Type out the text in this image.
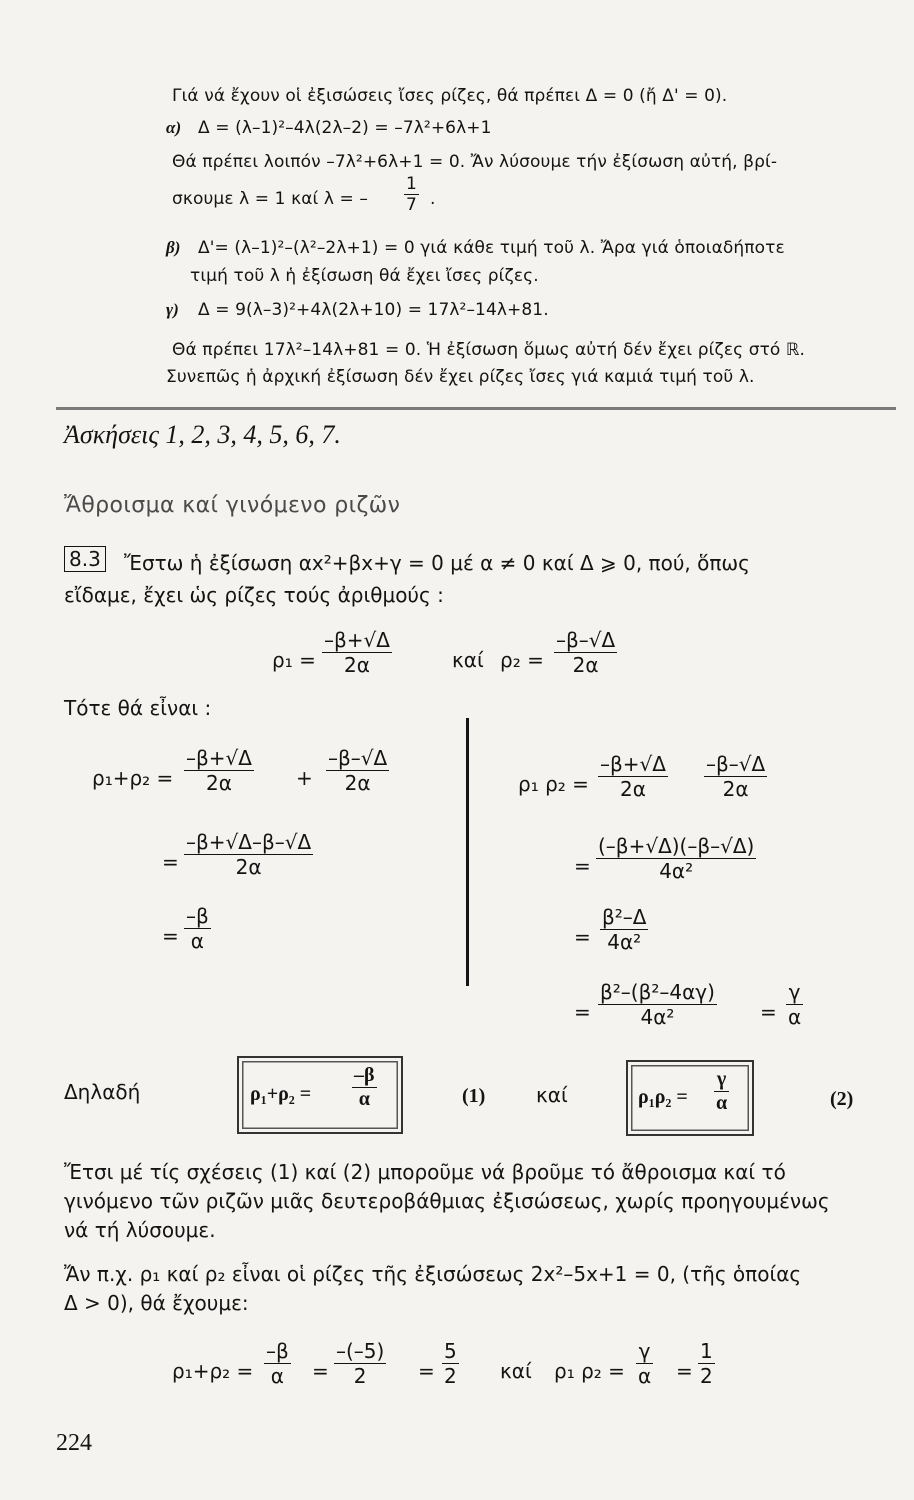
Γιά νά ἔχουν οἱ ἐξισώσεις ἴσες ρίζες, θά πρέπει Δ = 0 (ἤ Δ' = 0).
α) Δ = (λ–1)²–4λ(2λ–2) = –7λ²+6λ+1
Θά πρέπει λοιπόν –7λ²+6λ+1 = 0. Ἄν λύσουμε τήν ἐξίσωση αὐτή, βρί-
σκουμε λ = 1 καί λ = – $\frac{1}{7}$ .
β) Δ'= (λ–1)²–(λ²–2λ+1) = 0 γιά κάθε τιμή τοῦ λ. Ἄρα γιά ὁποιαδήποτε
τιμή τοῦ λ ἡ ἐξίσωση θά ἔχει ἴσες ρίζες.
γ) Δ = 9(λ–3)²+4λ(2λ+10) = 17λ²–14λ+81.
Θά πρέπει 17λ²–14λ+81 = 0. Ἡ ἐξίσωση ὅμως αὐτή δέν ἔχει ρίζες στό ℝ.
Συνεπῶς ἡ ἀρχική ἐξίσωση δέν ἔχει ρίζες ἴσες γιά καμιά τιμή τοῦ λ.
Ἀσκήσεις 1, 2, 3, 4, 5, 6, 7.
Ἄθροισμα καί γινόμενο ριζῶν
8.3 Ἔστω ἡ ἐξίσωση αx²+βx+γ = 0 μέ α ≠ 0 καί Δ ⩾ 0, πού, ὅπως
εἴδαμε, ἔχει ὡς ρίζες τούς ἀριθμούς :
$\rho_1 = \frac{-\beta+√\Delta}{2\alpha}$	καί $\rho_2 = \frac{-\beta-√\Delta}{2\alpha}$
Τότε θά εἶναι :
$\rho_1+\rho_2 = \frac{-\beta+√\Delta}{2\alpha} + \frac{-\beta-√\Delta}{2\alpha}$
= $\frac{-\beta+√\Delta-\beta-√\Delta}{2\alpha}$
= $\frac{-\beta}{\alpha}$
ρ₁ $\rho_2 = \frac{-\beta+√\Delta}{2\alpha} \frac{-\beta-√\Delta}{2\alpha}$
= $\frac{(-\beta+√\Delta)(-\beta-√\Delta)}{\text{4α²}}$
= $\frac{\text{β²–Δ}}{\text{4α²}}$
= $\frac{\text{β²–(β²–4αγ)}}{\text{4α²}} = \frac{\gamma}{\alpha}$
Δηλαδή	$\rho_1+\rho_2 = \frac{-\beta}{\alpha}$	(1)	καί	$\rho_1\rho_2 = \frac{\gamma}{\alpha}$	(2)
Ἔτσι μέ τίς σχέσεις (1) καί (2) μποροῦμε νά βροῦμε τό ἄθροισμα καί τό
γινόμενο τῶν ριζῶν μιᾶς δευτεροβάθμιας ἐξισώσεως, χωρίς προηγουμένως
νά τή λύσουμε.
Ἄν π.χ. ρ₁ καί ρ₂ εἶναι οἱ ρίζες τῆς ἐξισώσεως 2x²–5x+1 = 0, (τῆς ὁποίας
Δ > 0), θά ἔχουμε:
$\rho_1+\rho_2 = \frac{-\beta}{\alpha} = \frac{-(-5)}{2} = \frac{5}{2}$ καί ρ₁ $\rho_2 = \frac{\gamma}{\alpha} = \frac{1}{2}$
224
